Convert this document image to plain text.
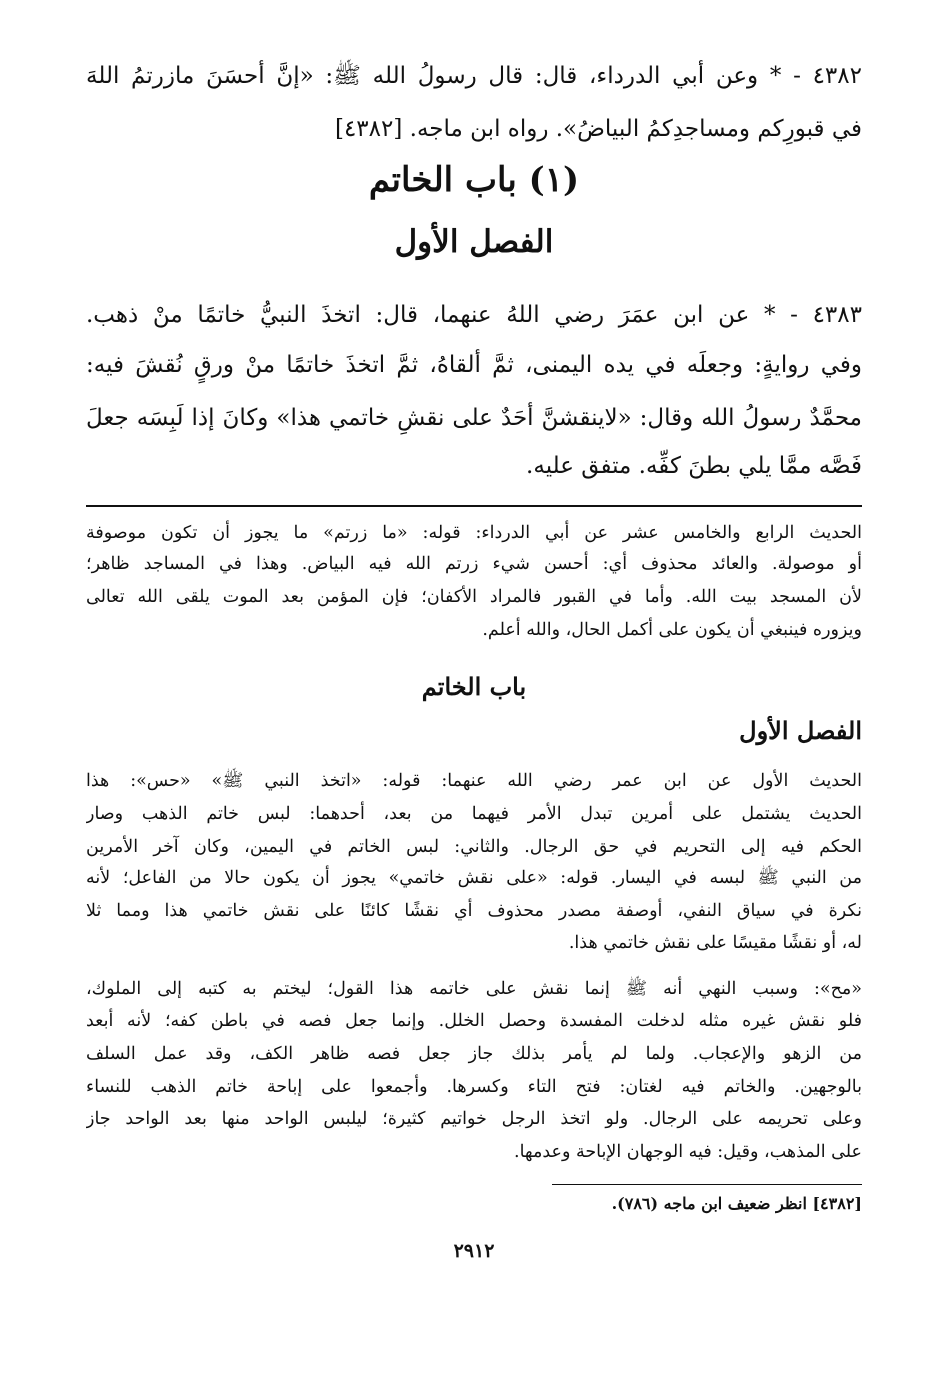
٤٣٨٢ - * وعن أبي الدرداء، قال: قال رسولُ الله ﷺ: «إنَّ أحسَنَ مازرتمُ اللهَ
في قبورِكم ومساجدِكمُ البياضُ». رواه ابن ماجه. [٤٣٨٢]
(١) باب الخاتم
الفصل الأول
٤٣٨٣ - * عن ابن عمَرَ رضي اللهُ عنهما، قال: اتخذَ النبيُّ خاتمًا منْ ذهب.
وفي روايةٍ: وجعلَه في يده اليمنى، ثمَّ ألقاهُ، ثمَّ اتخذَ خاتمًا منْ ورقٍ نُقشَ فيه:
محمَّدٌ رسولُ الله وقال: «لاينقشنَّ أحَدٌ على نقشِ خاتمي هذا» وكانَ إذا لَبِسَه جعلَ
فَصَّه ممَّا يلي بطنَ كفِّه. متفق عليه.
الحديث الرابع والخامس عشر عن أبي الدرداء: قوله: «ما زرتم» ما يجوز أن تكون موصوفة
أو موصولة. والعائد محذوف أي: أحسن شيء زرتم الله فيه البياض. وهذا في المساجد ظاهر؛
لأن المسجد بيت الله. وأما في القبور فالمراد الأكفان؛ فإن المؤمن بعد الموت يلقى الله تعالى
ويزوره فينبغي أن يكون على أكمل الحال، والله أعلم.
باب الخاتم
الفصل الأول
الحديث الأول عن ابن عمر رضي الله عنهما: قوله: «اتخذ النبي ﷺ» «حس»: هذا
الحديث يشتمل على أمرين تبدل الأمر فيهما من بعد، أحدهما: لبس خاتم الذهب وصار
الحكم فيه إلى التحريم في حق الرجال. والثاني: لبس الخاتم في اليمين، وكان آخر الأمرين
من النبي ﷺ لبسه في اليسار. قوله: «على نقش خاتمي» يجوز أن يكون حالا من الفاعل؛ لأنه
نكرة في سياق النفي، أوصفة مصدر محذوف أي نقشًا كائنًا على نقش خاتمي هذا ومما ثلا
له، أو نقشًا مقيسًا على نقش خاتمي هذا.
«مح»: وسبب النهي أنه ﷺ إنما نقش على خاتمه هذا القول؛ ليختم به كتبه إلى الملوك،
فلو نقش غيره مثله لدخلت المفسدة وحصل الخلل. وإنما جعل فصه في باطن كفه؛ لأنه أبعد
من الزهو والإعجاب. ولما لم يأمر بذلك جاز جعل فصه ظاهر الكف، وقد عمل السلف
بالوجهين. والخاتم فيه لغتان: فتح التاء وكسرها. وأجمعوا على إباحة خاتم الذهب للنساء
وعلى تحريمه على الرجال. ولو اتخذ الرجل خواتيم كثيرة؛ ليلبس الواحد منها بعد الواحد جاز
على المذهب، وقيل: فيه الوجهان الإباحة وعدمها.
[٤٣٨٢] انظر ضعيف ابن ماجه (٧٨٦).
٢٩١٢
